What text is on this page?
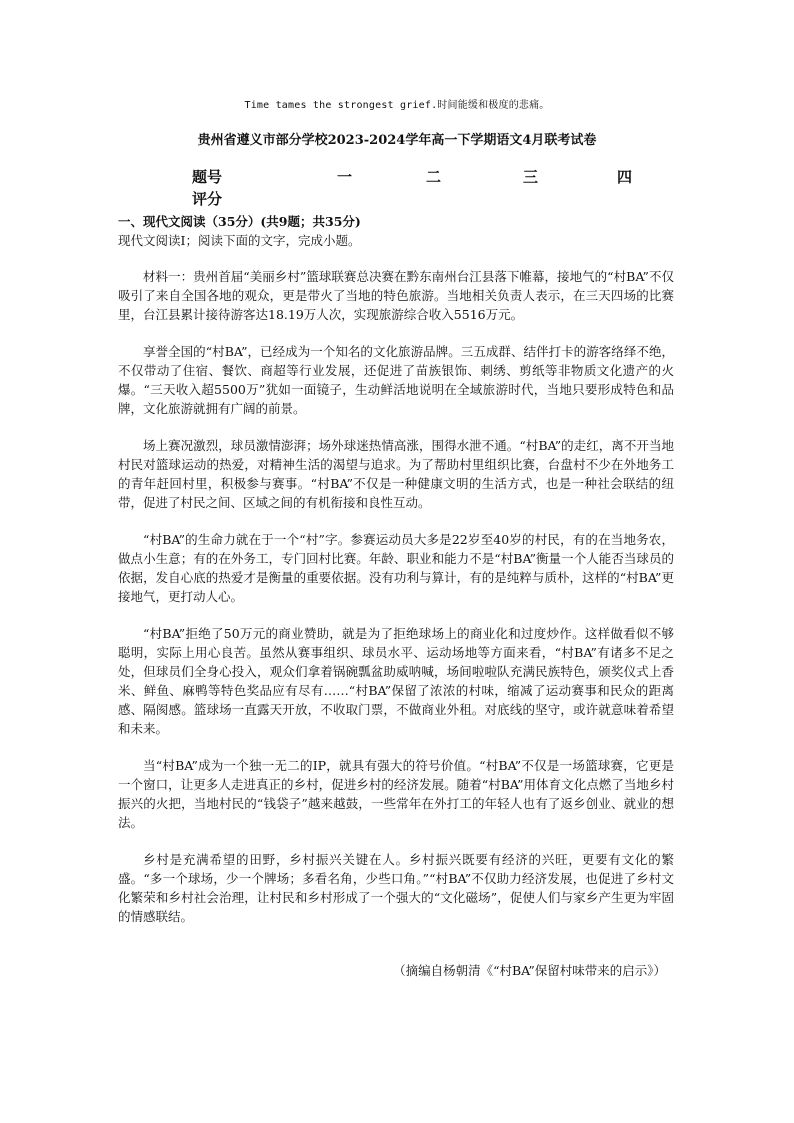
Time tames the strongest grief.时间能缓和极度的悲痛。
贵州省遵义市部分学校2023-2024学年高一下学期语文4月联考试卷
题号	一	二	三	四
评分
一、现代文阅读（35分）(共9题；共35分)
现代文阅读Ⅰ；阅读下面的文字，完成小题。

材料一：贵州首届“美丽乡村”篮球联赛总决赛在黔东南州台江县落下帷幕，接地气的“村BA”不仅吸引了来自全国各地的观众，更是带火了当地的特色旅游。当地相关负责人表示，在三天四场的比赛里，台江县累计接待游客达18.19万人次，实现旅游综合收入5516万元。

享誉全国的“村BA”，已经成为一个知名的文化旅游品牌。三五成群、结伴打卡的游客络绎不绝，不仅带动了住宿、餐饮、商超等行业发展，还促进了苗族银饰、刺绣、剪纸等非物质文化遗产的火爆。“三天收入超5500万”犹如一面镜子，生动鲜活地说明在全域旅游时代，当地只要形成特色和品牌，文化旅游就拥有广阔的前景。

场上赛况激烈，球员激情澎湃；场外球迷热情高涨，围得水泄不通。“村BA”的走红，离不开当地村民对篮球运动的热爱，对精神生活的渴望与追求。为了帮助村里组织比赛，台盘村不少在外地务工的青年赶回村里，积极参与赛事。“村BA”不仅是一种健康文明的生活方式，也是一种社会联结的纽带，促进了村民之间、区域之间的有机衔接和良性互动。

“村BA”的生命力就在于一个“村”字。参赛运动员大多是22岁至40岁的村民，有的在当地务农，做点小生意；有的在外务工，专门回村比赛。年龄、职业和能力不是“村BA”衡量一个人能否当球员的依据，发自心底的热爱才是衡量的重要依据。没有功利与算计，有的是纯粹与质朴，这样的“村BA”更接地气，更打动人心。

“村BA”拒绝了50万元的商业赞助，就是为了拒绝球场上的商业化和过度炒作。这样做看似不够聪明，实际上用心良苦。虽然从赛事组织、球员水平、运动场地等方面来看，“村BA”有诸多不足之处，但球员们全身心投入，观众们拿着锅碗瓢盆助威呐喊，场间啦啦队充满民族特色，颁奖仪式上香米、鲜鱼、麻鸭等特色奖品应有尽有……“村BA”保留了浓浓的村味，缩减了运动赛事和民众的距离感、隔阂感。篮球场一直露天开放，不收取门票，不做商业外租。对底线的坚守，或许就意味着希望和未来。

当“村BA”成为一个独一无二的IP，就具有强大的符号价值。“村BA”不仅是一场篮球赛，它更是一个窗口，让更多人走进真正的乡村，促进乡村的经济发展。随着“村BA”用体育文化点燃了当地乡村振兴的火把，当地村民的“钱袋子”越来越鼓，一些常年在外打工的年轻人也有了返乡创业、就业的想法。

乡村是充满希望的田野，乡村振兴关键在人。乡村振兴既要有经济的兴旺，更要有文化的繁盛。“多一个球场，少一个牌场；多看名角，少些口角。”“村BA”不仅助力经济发展，也促进了乡村文化繁荣和乡村社会治理，让村民和乡村形成了一个强大的“文化磁场”，促使人们与家乡产生更为牢固的情感联结。

（摘编自杨朝清《“村BA”保留村味带来的启示》）
